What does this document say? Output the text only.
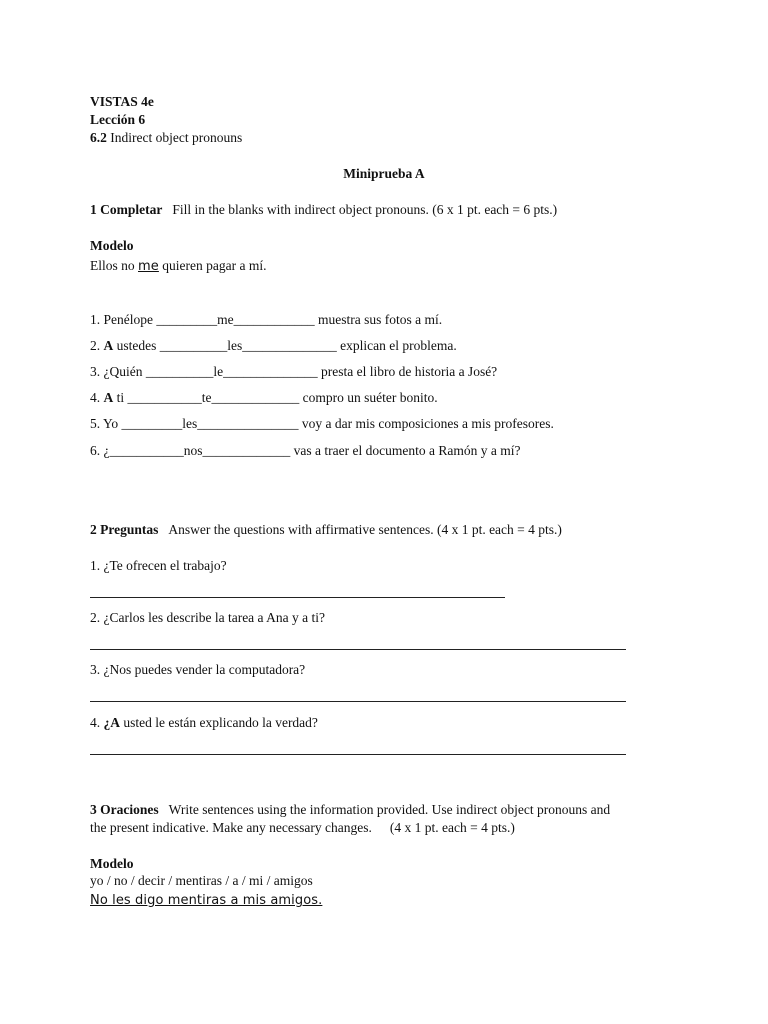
VISTAS 4e
Lección 6
6.2 Indirect object pronouns
Miniprueba A
1 Completar Fill in the blanks with indirect object pronouns. (6 x 1 pt. each = 6 pts.)
Modelo
Ellos no me quieren pagar a mí.
1. Penélope _________me____________ muestra sus fotos a mí.
2. A ustedes __________les______________ explican el problema.
3. ¿Quién __________le______________ presta el libro de historia a José?
4. A ti ___________te_____________ compro un suéter bonito.
5. Yo _________les_______________ voy a dar mis composiciones a mis profesores.
6. ¿___________nos_____________ vas a traer el documento a Ramón y a mí?
2 Preguntas Answer the questions with affirmative sentences. (4 x 1 pt. each = 4 pts.)
1. ¿Te ofrecen el trabajo?
2. ¿Carlos les describe la tarea a Ana y a ti?
3. ¿Nos puedes vender la computadora?
4. ¿A usted le están explicando la verdad?
3 Oraciones Write sentences using the information provided. Use indirect object pronouns and
the present indicative. Make any necessary changes. (4 x 1 pt. each = 4 pts.)
Modelo
yo / no / decir / mentiras / a / mi / amigos
No les digo mentiras a mis amigos.
